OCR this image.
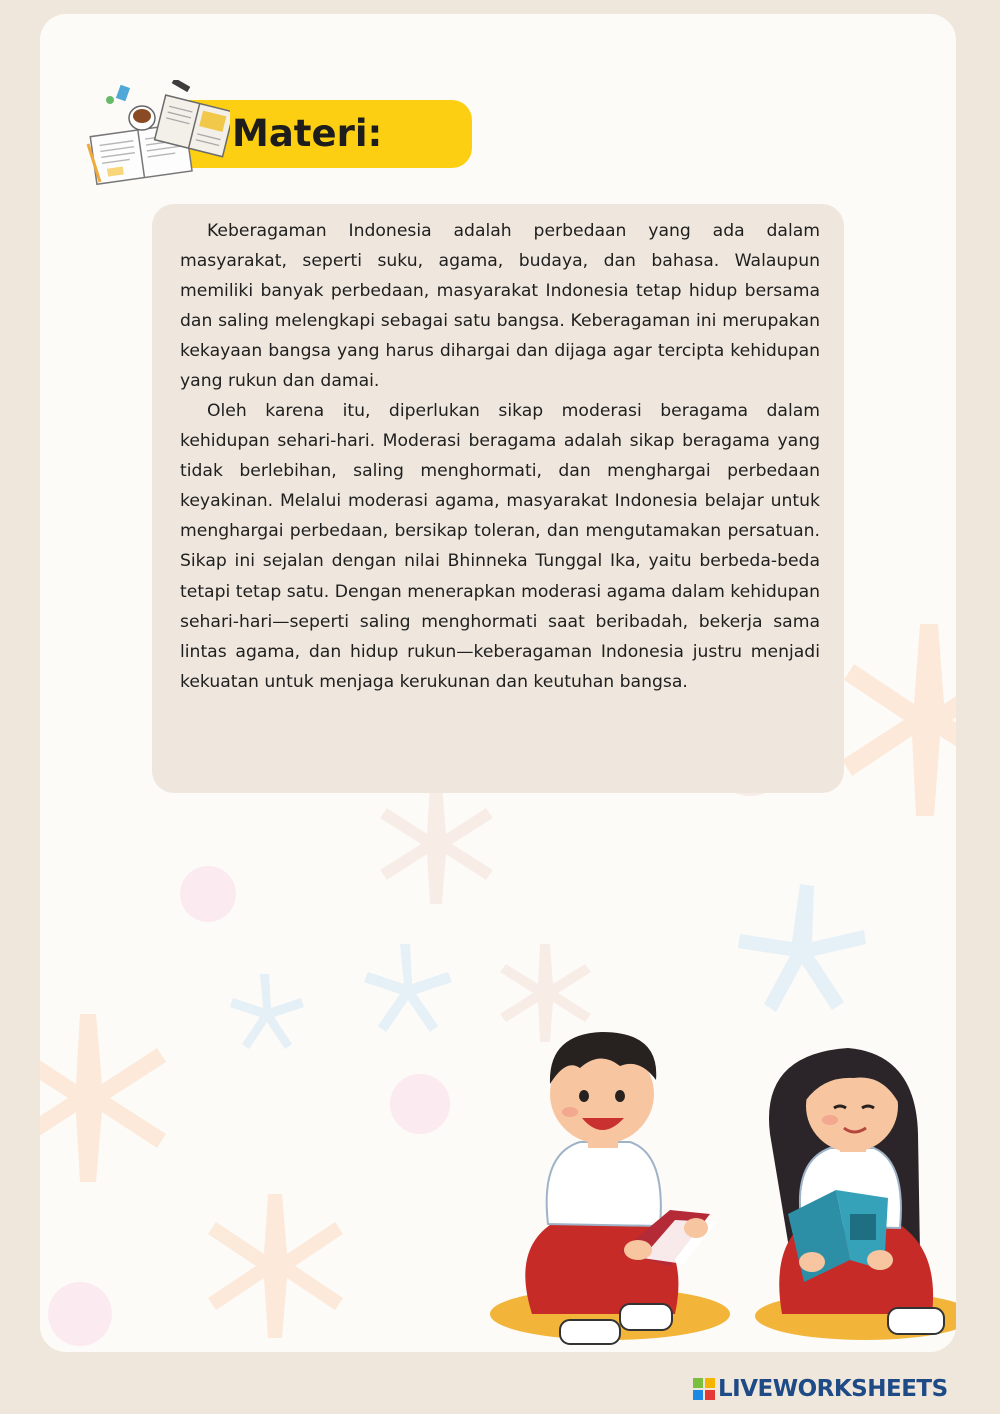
Materi:

Keberagaman Indonesia adalah perbedaan yang ada dalam masyarakat, seperti suku, agama, budaya, dan bahasa. Walaupun memiliki banyak perbedaan, masyarakat Indonesia tetap hidup bersama dan saling melengkapi sebagai satu bangsa. Keberagaman ini merupakan kekayaan bangsa yang harus dihargai dan dijaga agar tercipta kehidupan yang rukun dan damai.

Oleh karena itu, diperlukan sikap moderasi beragama dalam kehidupan sehari-hari. Moderasi beragama adalah sikap beragama yang tidak berlebihan, saling menghormati, dan menghargai perbedaan keyakinan. Melalui moderasi agama, masyarakat Indonesia belajar untuk menghargai perbedaan, bersikap toleran, dan mengutamakan persatuan. Sikap ini sejalan dengan nilai Bhinneka Tunggal Ika, yaitu berbeda-beda tetapi tetap satu. Dengan menerapkan moderasi agama dalam kehidupan sehari-hari—seperti saling menghormati saat beribadah, bekerja sama lintas agama, dan hidup rukun—keberagaman Indonesia justru menjadi kekuatan untuk menjaga kerukunan dan keutuhan bangsa.

LIVEWORKSHEETS
